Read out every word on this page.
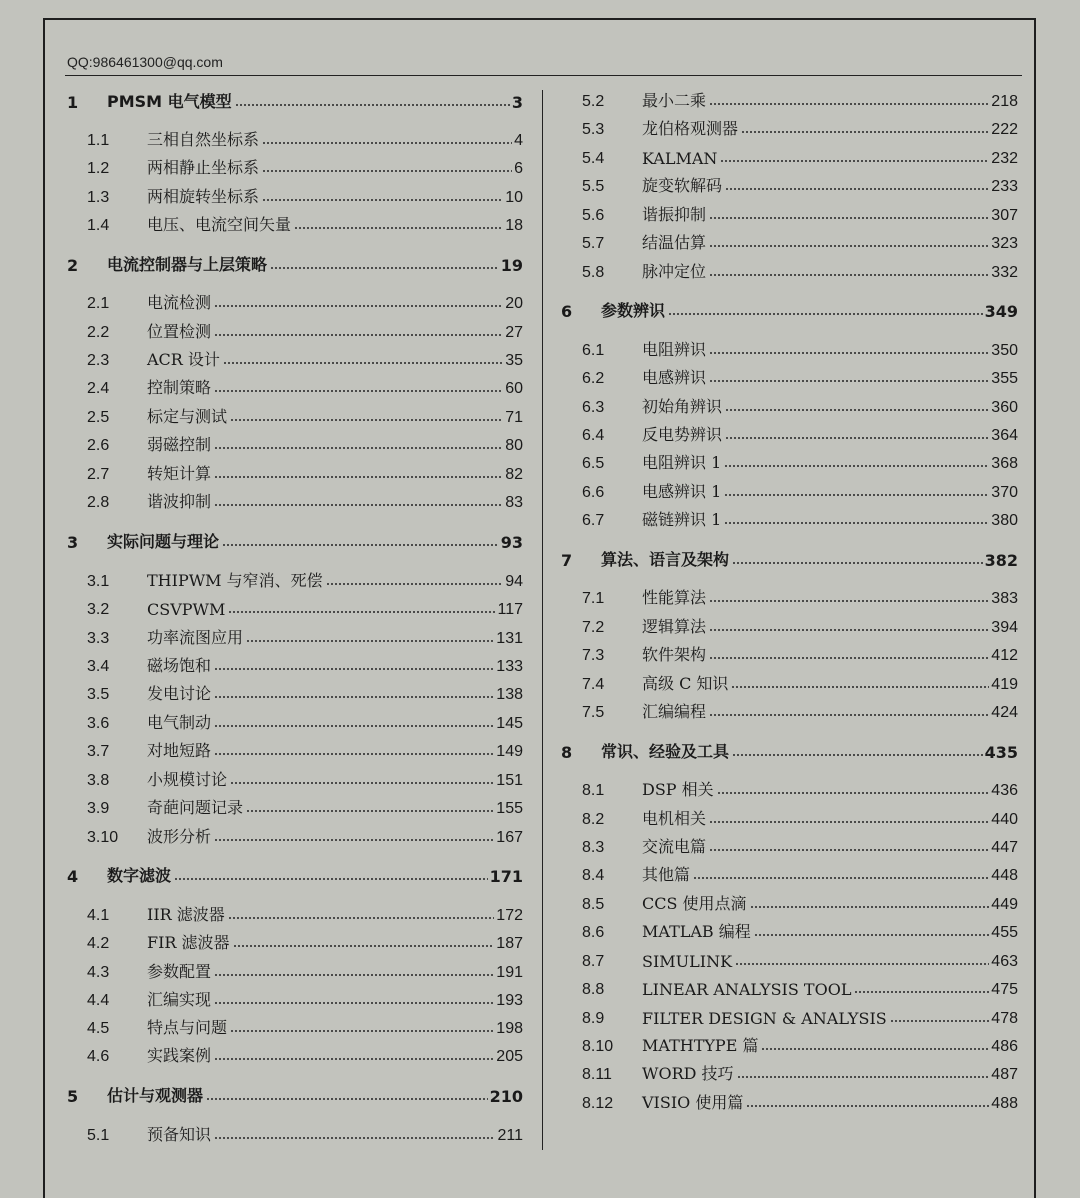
QQ:986461300@qq.com
1	PMSM 电气模型	3
1.1	三相自然坐标系	4
1.2	两相静止坐标系	6
1.3	两相旋转坐标系	10
1.4	电压、电流空间矢量	18
2	电流控制器与上层策略	19
2.1	电流检测	20
2.2	位置检测	27
2.3	ACR 设计	35
2.4	控制策略	60
2.5	标定与测试	71
2.6	弱磁控制	80
2.7	转矩计算	82
2.8	谐波抑制	83
3	实际问题与理论	93
3.1	THIPWM 与窄消、死偿	94
3.2	CSVPWM	117
3.3	功率流图应用	131
3.4	磁场饱和	133
3.5	发电讨论	138
3.6	电气制动	145
3.7	对地短路	149
3.8	小规模讨论	151
3.9	奇葩问题记录	155
3.10	波形分析	167
4	数字滤波	171
4.1	IIR 滤波器	172
4.2	FIR 滤波器	187
4.3	参数配置	191
4.4	汇编实现	193
4.5	特点与问题	198
4.6	实践案例	205
5	估计与观测器	210
5.1	预备知识	211
5.2	最小二乘	218
5.3	龙伯格观测器	222
5.4	KALMAN	232
5.5	旋变软解码	233
5.6	谐振抑制	307
5.7	结温估算	323
5.8	脉冲定位	332
6	参数辨识	349
6.1	电阻辨识	350
6.2	电感辨识	355
6.3	初始角辨识	360
6.4	反电势辨识	364
6.5	电阻辨识 1	368
6.6	电感辨识 1	370
6.7	磁链辨识 1	380
7	算法、语言及架构	382
7.1	性能算法	383
7.2	逻辑算法	394
7.3	软件架构	412
7.4	高级 C 知识	419
7.5	汇编编程	424
8	常识、经验及工具	435
8.1	DSP 相关	436
8.2	电机相关	440
8.3	交流电篇	447
8.4	其他篇	448
8.5	CCS 使用点滴	449
8.6	MATLAB 编程	455
8.7	SIMULINK	463
8.8	LINEAR ANALYSIS TOOL	475
8.9	FILTER DESIGN & ANALYSIS	478
8.10	MATHTYPE 篇	486
8.11	WORD 技巧	487
8.12	VISIO 使用篇	488
